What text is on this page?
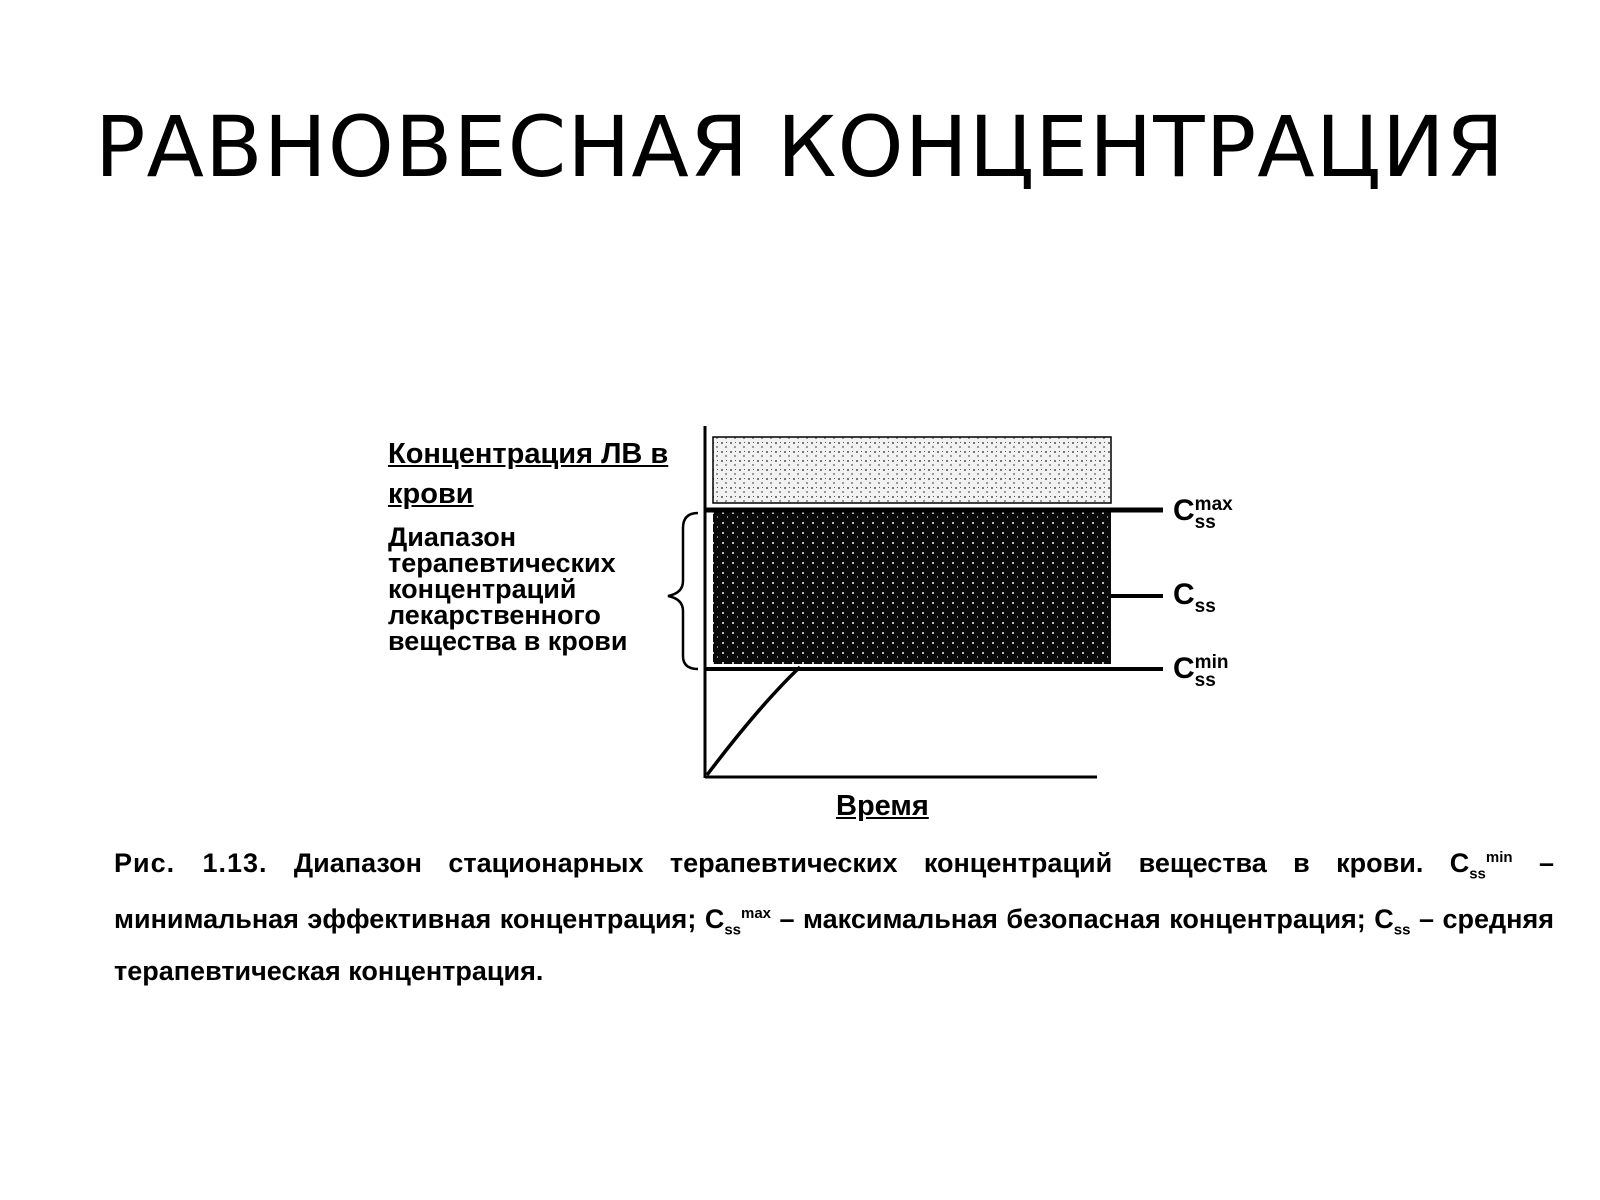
РАВНОВЕСНАЯ КОНЦЕНТРАЦИЯ

Концентрация ЛВ в крови

Диапазон терапевтических концентраций лекарственного вещества в крови

Время
Cmax
ss
C
ss
Cmin
ss

Рис. 1.13. Диапазон стационарных терапевтических концентраций вещества в крови. $C_{ss}^{min}$ – минимальная эффективная концентрация; $C_{ss}^{max}$ – максимальная безопасная концентрация; $C_{ss}$ – средняя терапевтическая концентрация.
